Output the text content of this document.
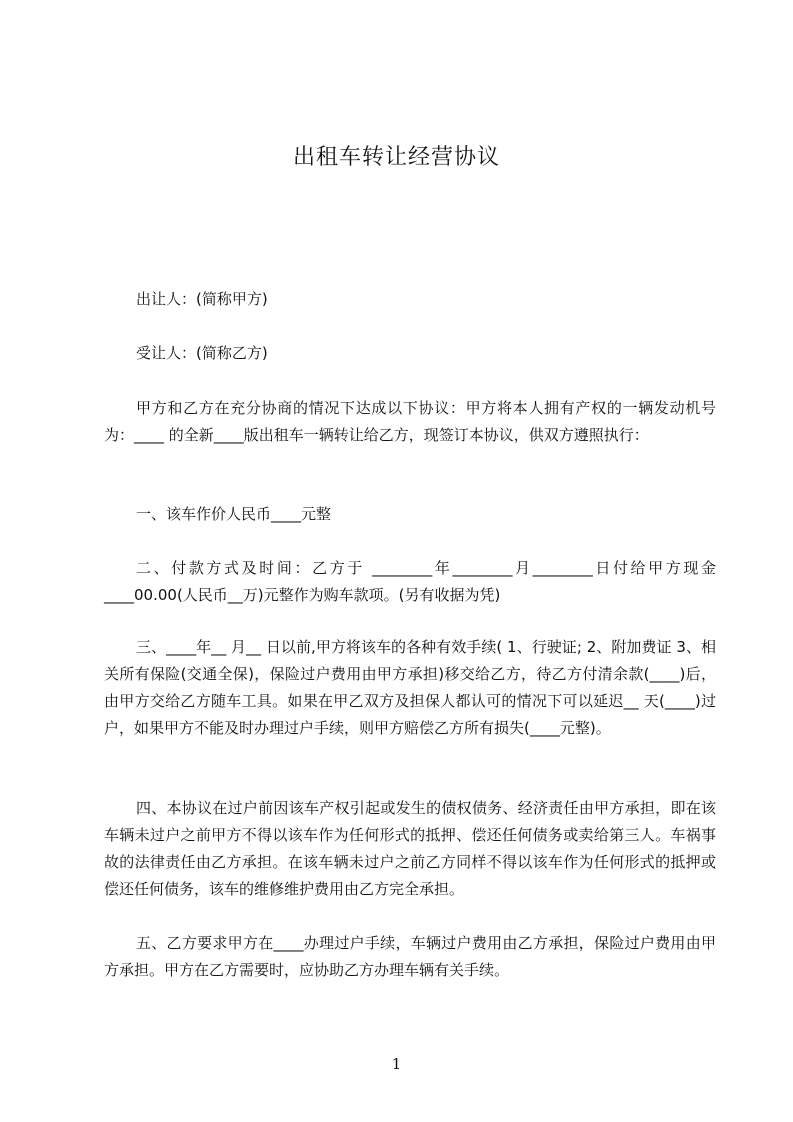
出租车转让经营协议

出让人：(简称甲方)

受让人：(简称乙方)

甲方和乙方在充分协商的情况下达成以下协议：甲方将本人拥有产权的一辆发动机号为：____ 的全新____版出租车一辆转让给乙方，现签订本协议，供双方遵照执行：

一、该车作价人民币____元整

二、付款方式及时间：乙方于 ________年________月________日付给甲方现金____00.00(人民币__万)元整作为购车款项。(另有收据为凭)

三、____年__ 月__ 日以前,甲方将该车的各种有效手续( 1、行驶证; 2、附加费证 3、相关所有保险(交通全保)，保险过户费用由甲方承担)移交给乙方，待乙方付清余款(____)后，由甲方交给乙方随车工具。如果在甲乙双方及担保人都认可的情况下可以延迟__ 天(____)过户，如果甲方不能及时办理过户手续，则甲方赔偿乙方所有损失(____元整)。

四、本协议在过户前因该车产权引起或发生的债权债务、经济责任由甲方承担，即在该车辆未过户之前甲方不得以该车作为任何形式的抵押、偿还任何债务或卖给第三人。车祸事故的法律责任由乙方承担。在该车辆未过户之前乙方同样不得以该车作为任何形式的抵押或偿还任何债务，该车的维修维护费用由乙方完全承担。

五、乙方要求甲方在____办理过户手续，车辆过户费用由乙方承担，保险过户费用由甲方承担。甲方在乙方需要时，应协助乙方办理车辆有关手续。

1
